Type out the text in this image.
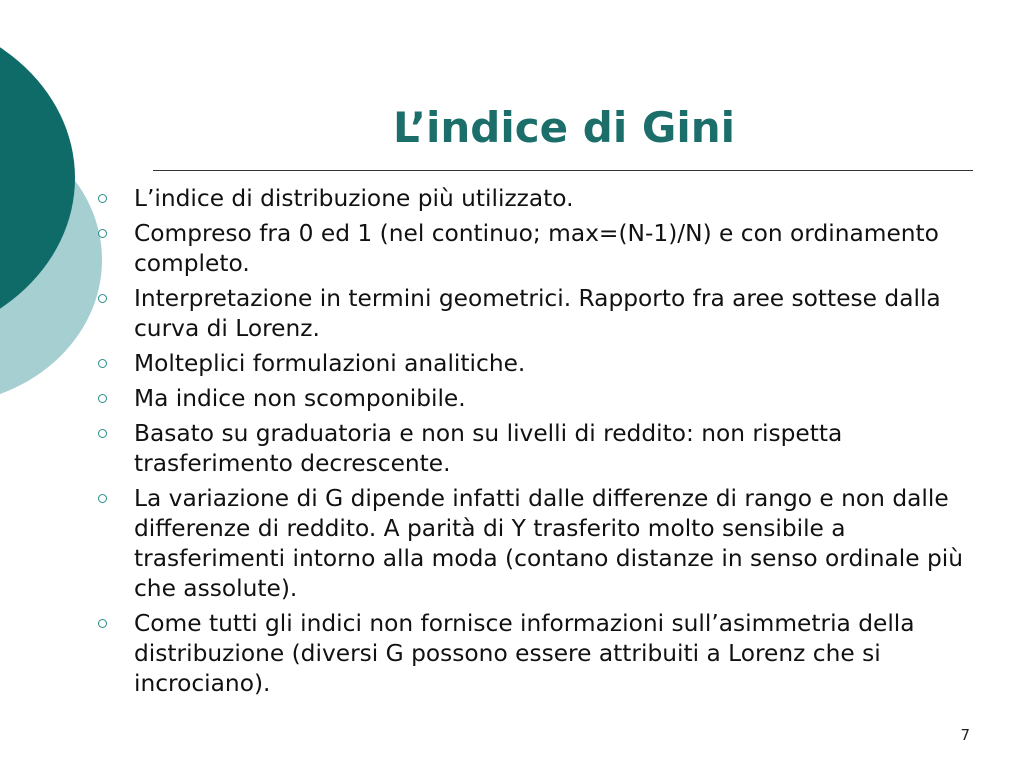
L’indice di Gini
L’indice di distribuzione più utilizzato.
Compreso fra 0 ed 1 (nel continuo; max=(N-1)/N) e con ordinamento completo.
Interpretazione in termini geometrici. Rapporto fra aree sottese dalla curva di Lorenz.
Molteplici formulazioni analitiche.
Ma indice non scomponibile.
Basato su graduatoria e non su livelli di reddito: non rispetta trasferimento decrescente.
La variazione di G dipende infatti dalle differenze di rango e non dalle differenze di reddito. A parità di Y trasferito molto sensibile a trasferimenti intorno alla moda (contano distanze in senso ordinale più che assolute).
Come tutti gli indici non fornisce informazioni sull’asimmetria della distribuzione (diversi G possono essere attribuiti a Lorenz che si incrociano).
7
